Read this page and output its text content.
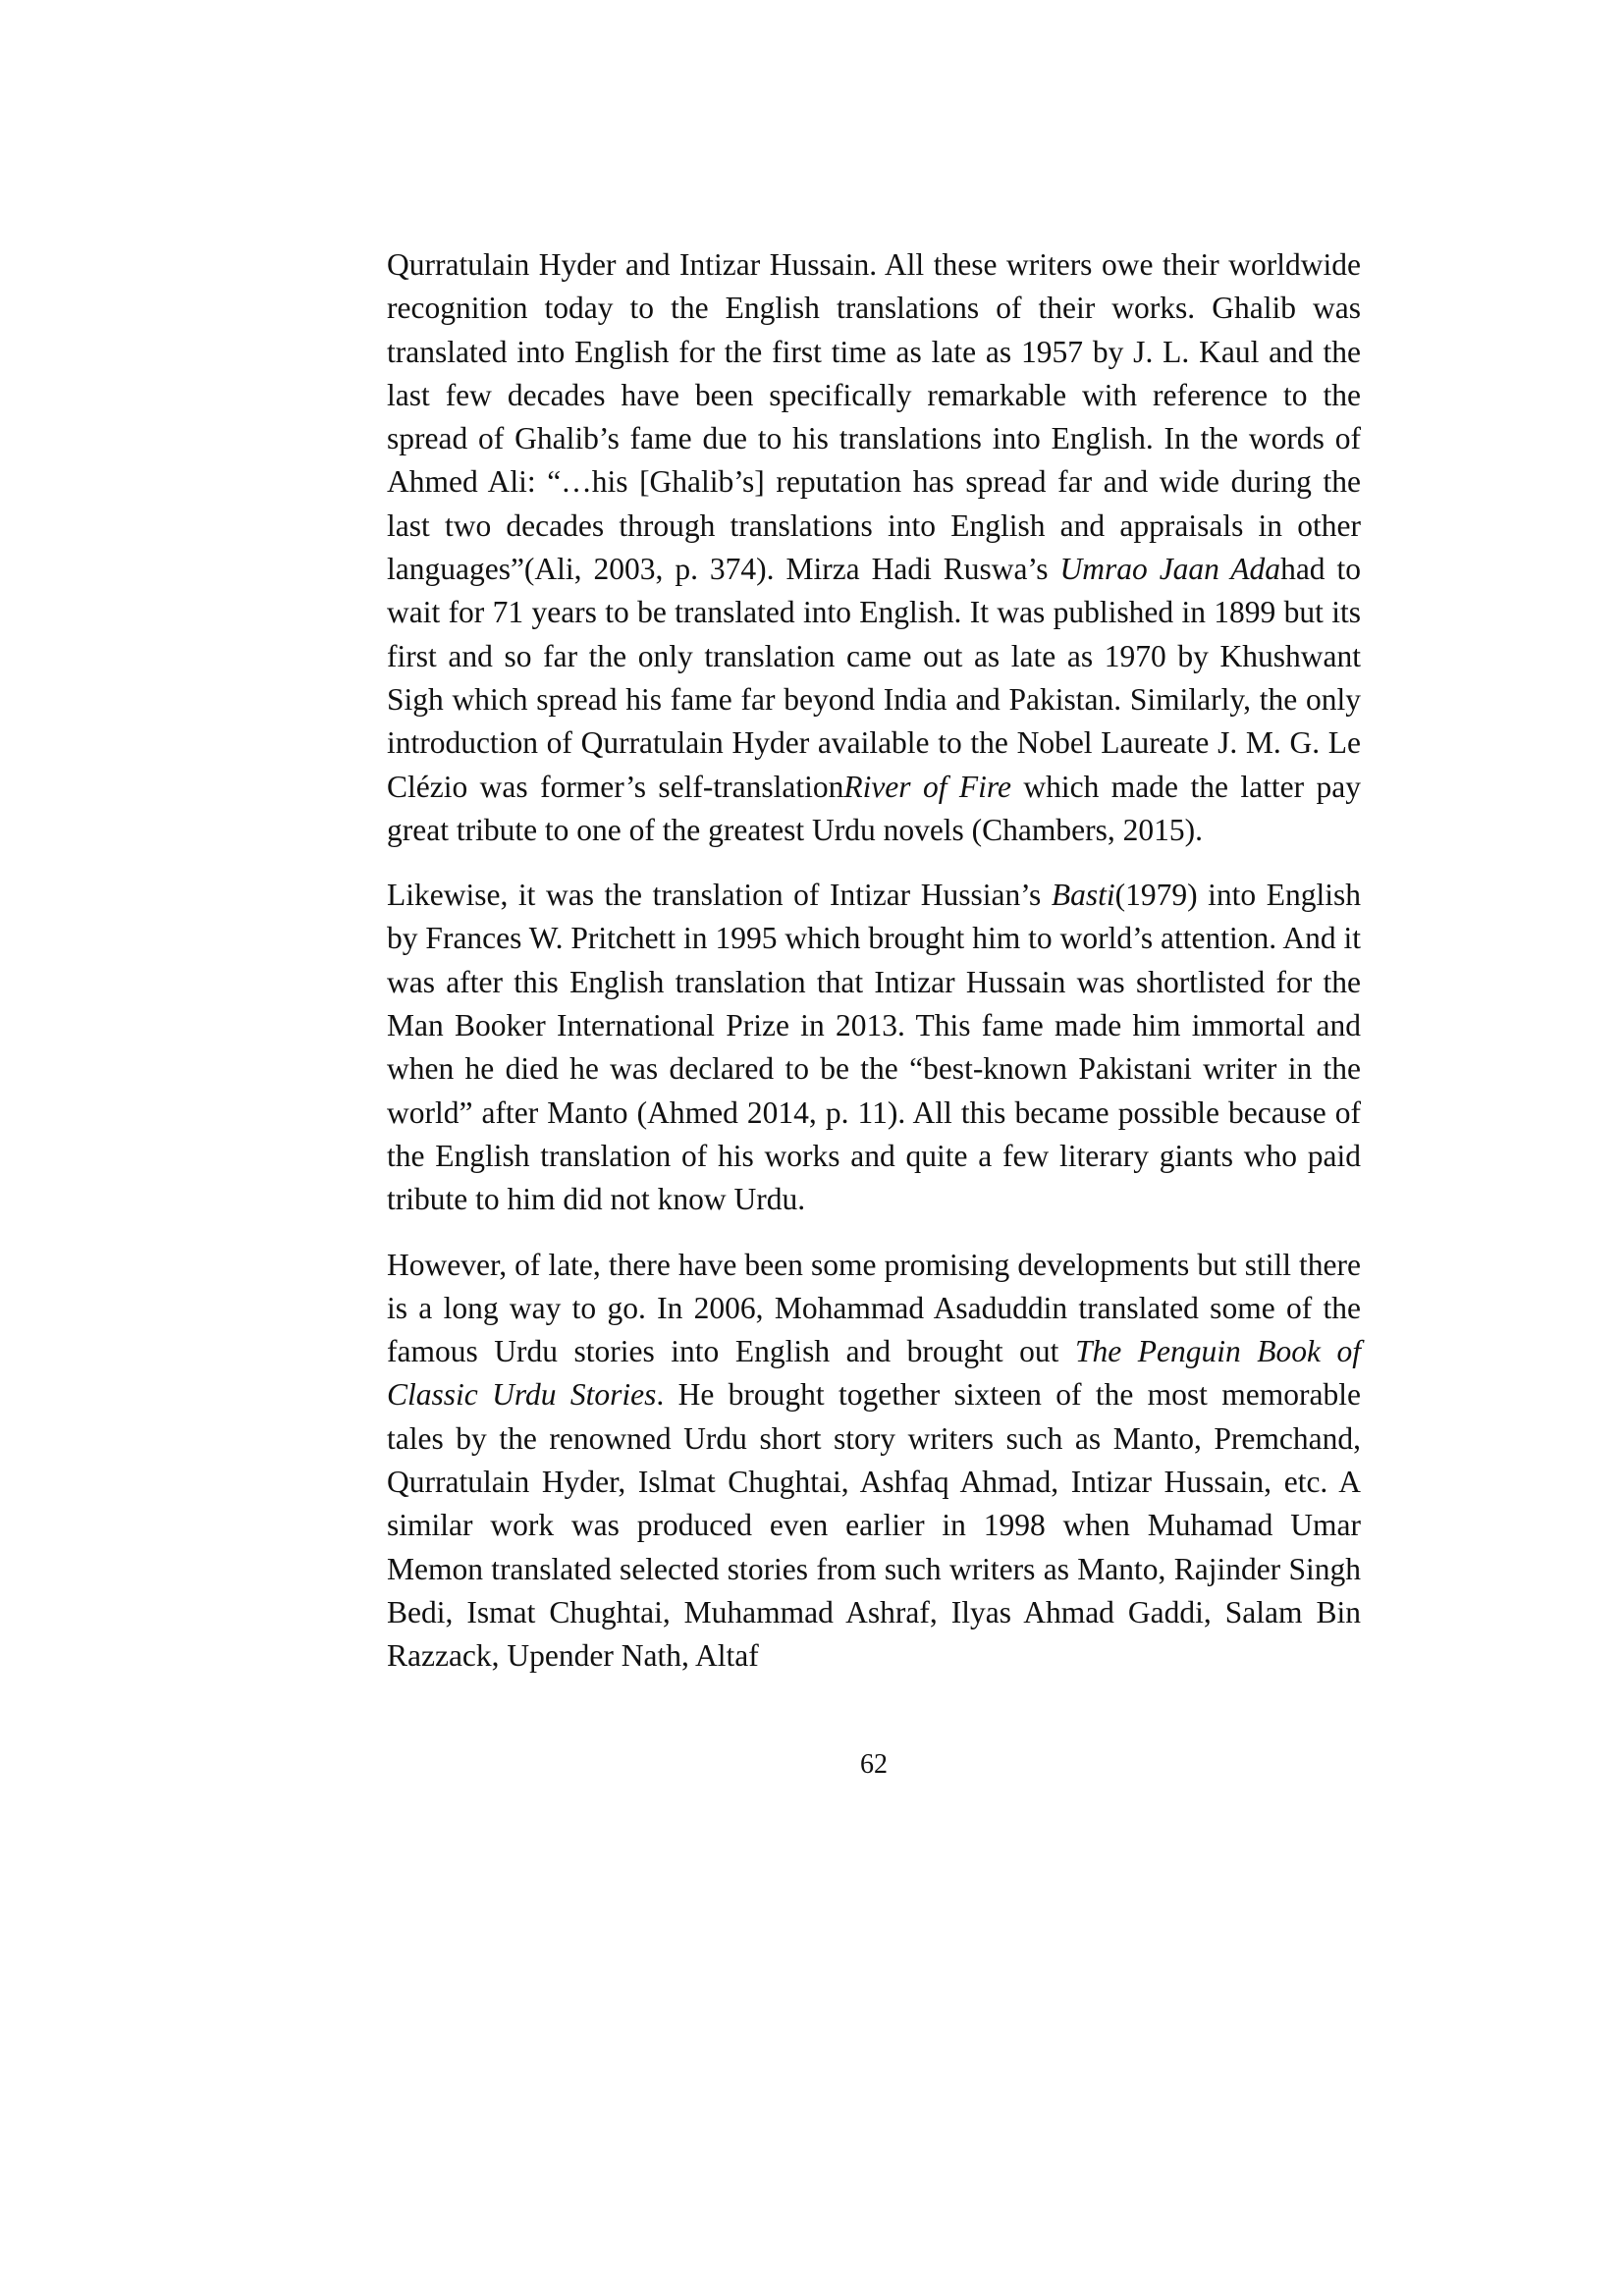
Qurratulain Hyder and Intizar Hussain. All these writers owe their worldwide recognition today to the English translations of their works. Ghalib was translated into English for the first time as late as 1957 by J. L. Kaul and the last few decades have been specifically remarkable with reference to the spread of Ghalib’s fame due to his translations into English. In the words of Ahmed Ali: “…his [Ghalib’s] reputation has spread far and wide during the last two decades through translations into English and appraisals in other languages”(Ali, 2003, p. 374). Mirza Hadi Ruswa’s Umrao Jaan Adahad to wait for 71 years to be translated into English. It was published in 1899 but its first and so far the only translation came out as late as 1970 by Khushwant Sigh which spread his fame far beyond India and Pakistan. Similarly, the only introduction of Qurratulain Hyder available to the Nobel Laureate J. M. G. Le Clézio was former’s self-translationRiver of Fire which made the latter pay great tribute to one of the greatest Urdu novels (Chambers, 2015).

Likewise, it was the translation of Intizar Hussian’s Basti(1979) into English by Frances W. Pritchett in 1995 which brought him to world’s attention. And it was after this English translation that Intizar Hussain was shortlisted for the Man Booker International Prize in 2013. This fame made him immortal and when he died he was declared to be the “best-known Pakistani writer in the world” after Manto (Ahmed 2014, p. 11). All this became possible because of the English translation of his works and quite a few literary giants who paid tribute to him did not know Urdu.

However, of late, there have been some promising developments but still there is a long way to go. In 2006, Mohammad Asaduddin translated some of the famous Urdu stories into English and brought out The Penguin Book of Classic Urdu Stories. He brought together sixteen of the most memorable tales by the renowned Urdu short story writers such as Manto, Premchand, Qurratulain Hyder, Islmat Chughtai, Ashfaq Ahmad, Intizar Hussain, etc. A similar work was produced even earlier in 1998 when Muhamad Umar Memon translated selected stories from such writers as Manto, Rajinder Singh Bedi, Ismat Chughtai, Muhammad Ashraf, Ilyas Ahmad Gaddi, Salam Bin Razzack, Upender Nath, Altaf

62
